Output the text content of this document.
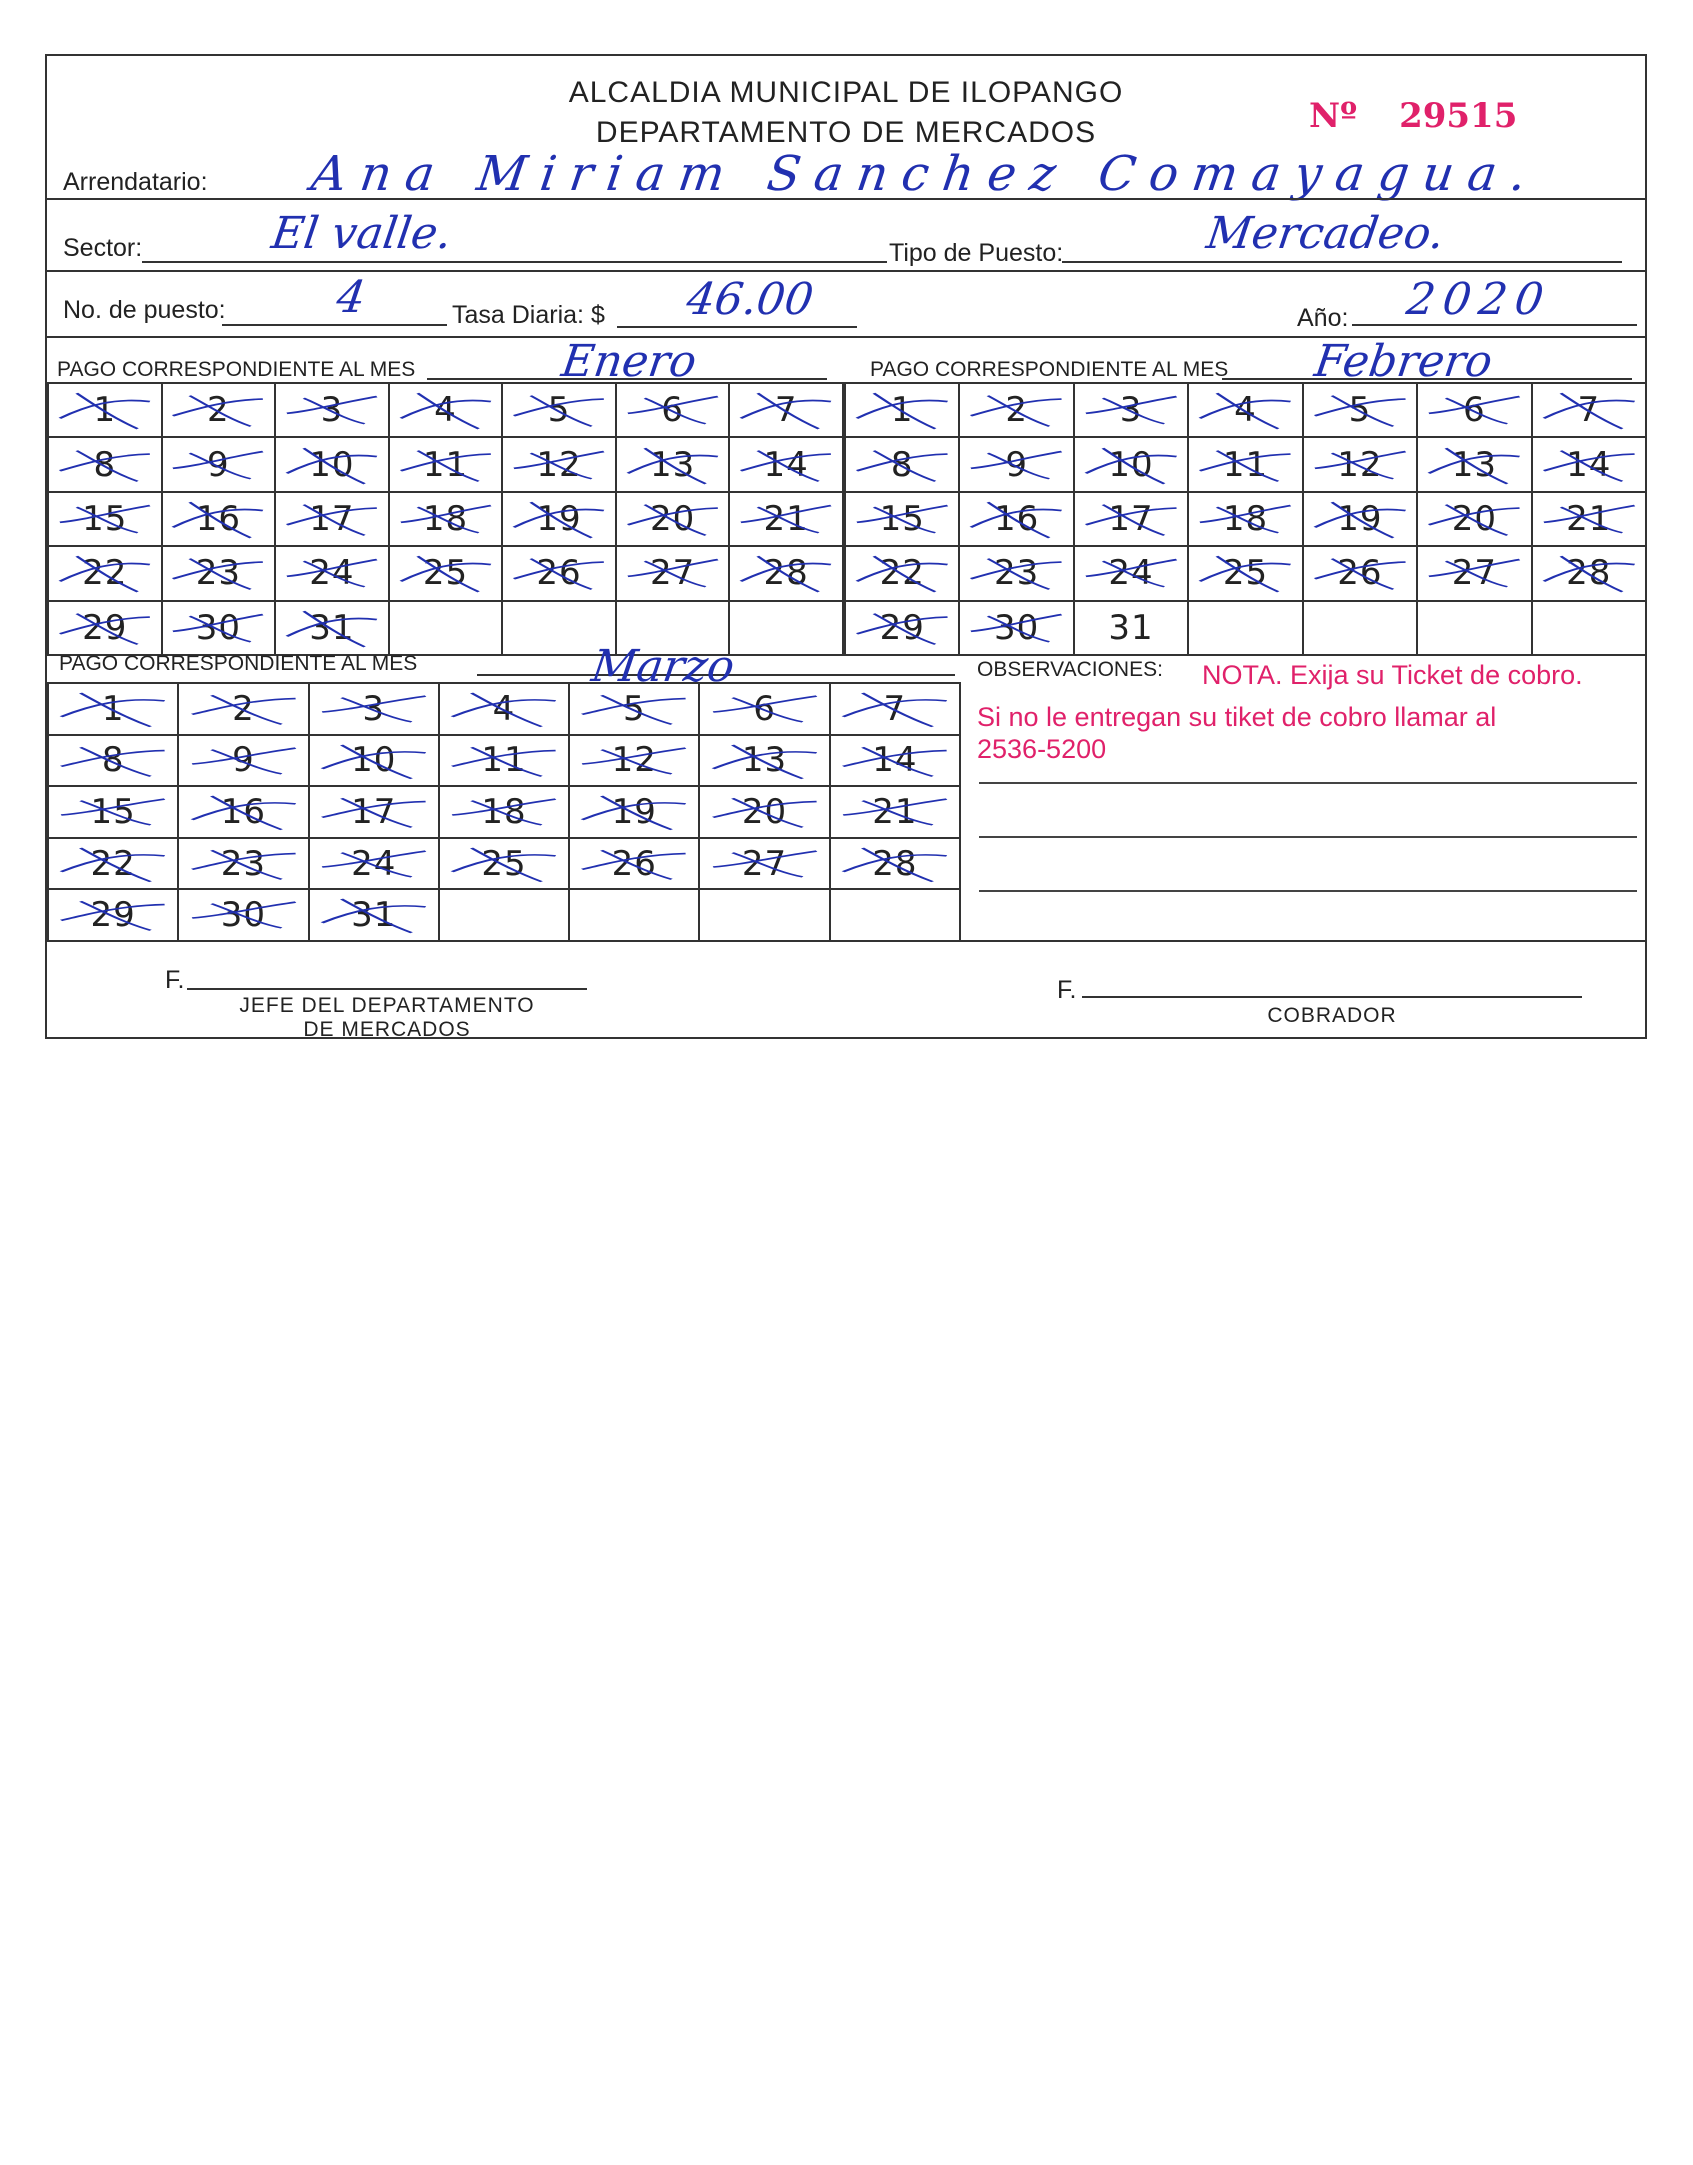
ALCALDIA MUNICIPAL DE ILOPANGO
DEPARTAMENTO DE MERCADOS	Nº 29515
Arrendatario: Ana Miriam Sanchez Comayagua.
Sector:	El valle.	Tipo de Puesto:	Mercadeo.
No. de puesto: 4	Tasa Diaria: $ 46.00	Año: 2020
PAGO CORRESPONDIENTE AL MES	Enero	PAGO CORRESPONDIENTE AL MES Febrero
1	2	3	4	5	6	7

8	9	10	11	12	13	14

15	16	17	18	19	20	21

22	23	24	25	26	27	28

29	30	31

1	2	3	4	5	6	7

8	9	10	11	12	13	14

15	16	17	18	19	20	21

22	23	24	25	26	27	28

29	30	31				
PAGO CORRESPONDIENTE AL MES	Marzo
1	2	3	4	5	6	7

8	9	10	11	12	13	14

15	16	17	18	19	20	21

22	23	24	25	26	27	28

29	30	31

OBSERVACIONES: NOTA. Exija su Ticket de cobro.
Si no le entregan su tiket de cobro llamar al
2536-5200
F.
JEFE DEL DEPARTAMENTO
DE MERCADOS
F.
COBRADOR
